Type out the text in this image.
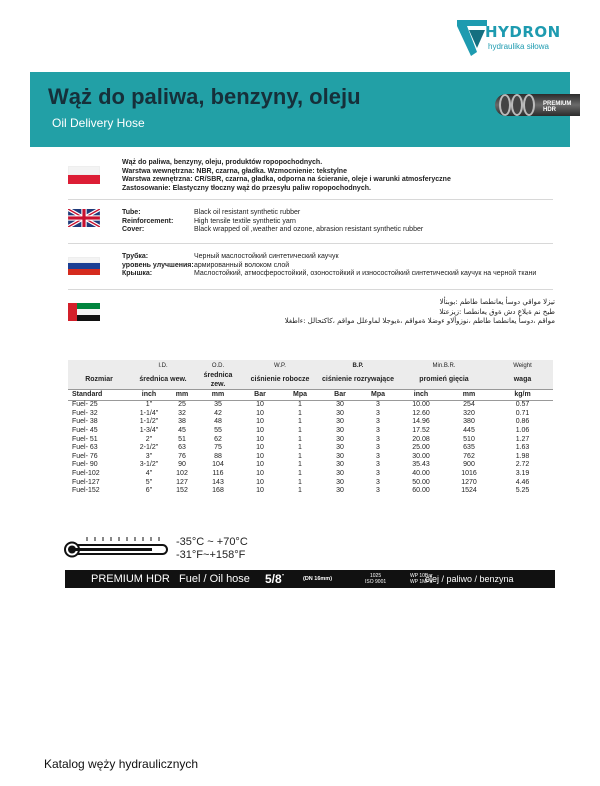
HYDRON
hydraulika siłowa
Wąż do paliwa, benzyny, oleju
Oil Delivery Hose
PREMIUM HDR
Wąż do paliwa, benzyny, oleju, produktów ropopochodnych.
Warstwa wewnętrzna: NBR, czarna, gładka. Wzmocnienie: tekstylne
Warstwa zewnętrzna: CR/SBR, czarna, gładka, odporna na ścieranie, oleje i warunki atmosferyczne
Zastosowanie: Elastyczny tłoczny wąż do przesyłu paliw ropopochodnych.
Tube:	Black oil resistant synthetic rubber
Reinforcement:	High tensile textile synthetic yarn
Cover:	Black wrapped oil ,weather and ozone, abrasion resistant synthetic rubber
Трубка:	Черный маслостойкий синтетический каучук
уровень улучшения: армированный волоком слой
Крышка:	Маслостойкий, атмосферостойкий, озоностойкий и износостойкий синтетический каучук на черной ткани
تيزلا مواقي دوسأ يعانطصا طاطم :بوبنألا
طيخ نم ةيلاع دش ةوق يعانطصا :زيزعتلا
مواقم ،دوسأ يعانطصا طاطم ،نوزوألاو ءوضلا ةمواقم ،ةيوجلا لماوعلل مواقم ،كاكتحالل :ءاطغلا
	I.D.		O.D.	W.P.		B.P.		Min.B.R.		Weight
Rozmiar	średnica wew.		średnica zew.	ciśnienie robocze		ciśnienie rozrywające		promień gięcia		waga
Standard	inch	mm	mm	Bar	Mpa	Bar	Mpa	inch	mm	kg/m
Fuel- 25	1"	25	35	10	1	30	3	10.00	254	0.57
Fuel- 32	1-1/4"	32	42	10	1	30	3	12.60	320	0.71
Fuel- 38	1-1/2"	38	48	10	1	30	3	14.96	380	0.86
Fuel- 45	1-3/4"	45	55	10	1	30	3	17.52	445	1.06
Fuel- 51	2"	51	62	10	1	30	3	20.08	510	1.27
Fuel- 63	2-1/2"	63	75	10	1	30	3	25.00	635	1.63
Fuel- 76	3"	76	88	10	1	30	3	30.00	762	1.98
Fuel- 90	3-1/2"	90	104	10	1	30	3	35.43	900	2.72
Fuel-102	4"	102	116	10	1	30	3	40.00	1016	3.19
Fuel-127	5"	127	143	10	1	30	3	50.00	1270	4.46
Fuel-152	6"	152	168	10	1	30	3	60.00	1524	5.25
-35°C ~ +70°C
-31°F~+158°F
PREMIUM HDR Fuel / Oil hose 5/8"	(DN 16mm)	1025
ISO 9001
WP 10Bar
WP 1MPa
olej / paliwo / benzyna
Katalog węży hydraulicznych
